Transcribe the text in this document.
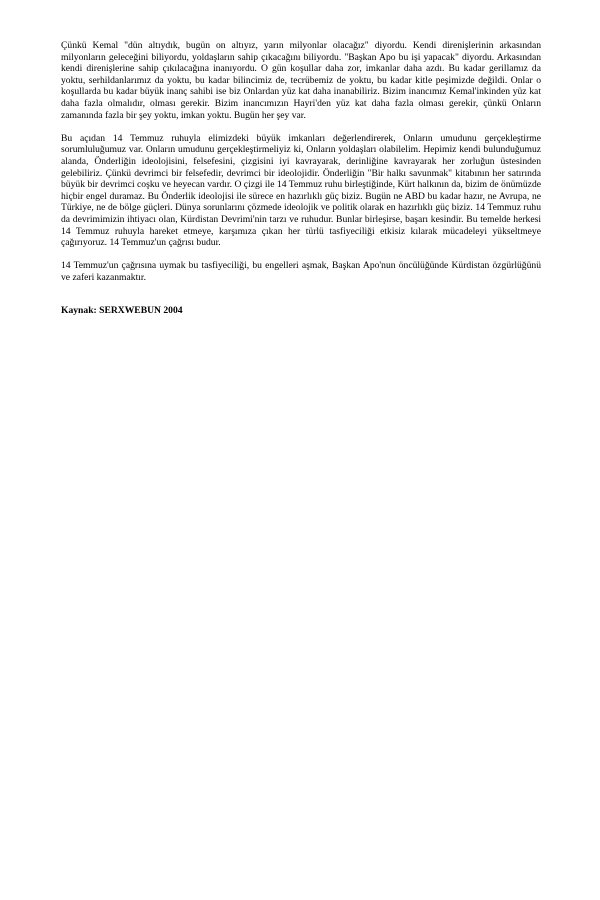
Çünkü Kemal "dün altıydık, bugün on altıyız, yarın milyonlar olacağız" diyordu. Kendi direnişlerinin arkasından milyonların geleceğini biliyordu, yoldaşların sahip çıkacağını biliyordu. "Başkan Apo bu işi yapacak" diyordu. Arkasından kendi direnişlerine sahip çıkılacağına inanıyordu. O gün koşullar daha zor, imkanlar daha azdı. Bu kadar gerillamız da yoktu, serhildanlarımız da yoktu, bu kadar bilincimiz de, tecrübemiz de yoktu, bu kadar kitle peşimizde değildi. Onlar o koşullarda bu kadar büyük inanç sahibi ise biz Onlardan yüz kat daha inanabiliriz. Bizim inancımız Kemal'inkinden yüz kat daha fazla olmalıdır, olması gerekir. Bizim inancımızın Hayri'den yüz kat daha fazla olması gerekir, çünkü Onların zamanında fazla bir şey yoktu, imkan yoktu. Bugün her şey var.

Bu açıdan 14 Temmuz ruhuyla elimizdeki büyük imkanları değerlendirerek, Onların umudunu gerçekleştirme sorumluluğumuz var. Onların umudunu gerçekleştirmeliyiz ki, Onların yoldaşları olabilelim. Hepimiz kendi bulunduğumuz alanda, Önderliğin ideolojisini, felsefesini, çizgisini iyi kavrayarak, derinliğine kavrayarak her zorluğun üstesinden gelebiliriz. Çünkü devrimci bir felsefedir, devrimci bir ideolojidir. Önderliğin "Bir halkı savunmak" kitabının her satırında büyük bir devrimci coşku ve heyecan vardır. O çizgi ile 14 Temmuz ruhu birleştiğinde, Kürt halkının da, bizim de önümüzde hiçbir engel duramaz. Bu Önderlik ideolojisi ile sürece en hazırlıklı güç biziz. Bugün ne ABD bu kadar hazır, ne Avrupa, ne Türkiye, ne de bölge güçleri. Dünya sorunlarını çözmede ideolojik ve politik olarak en hazırlıklı güç biziz. 14 Temmuz ruhu da devrimimizin ihtiyacı olan, Kürdistan Devrimi'nin tarzı ve ruhudur. Bunlar birleşirse, başarı kesindir. Bu temelde herkesi 14 Temmuz ruhuyla hareket etmeye, karşımıza çıkan her türlü tasfiyeciliği etkisiz kılarak mücadeleyi yükseltmeye çağırıyoruz. 14 Temmuz'un çağrısı budur.

14 Temmuz'un çağrısına uymak bu tasfiyeciliği, bu engelleri aşmak, Başkan Apo'nun öncülüğünde Kürdistan özgürlüğünü ve zaferi kazanmaktır.

Kaynak: SERXWEBUN 2004
